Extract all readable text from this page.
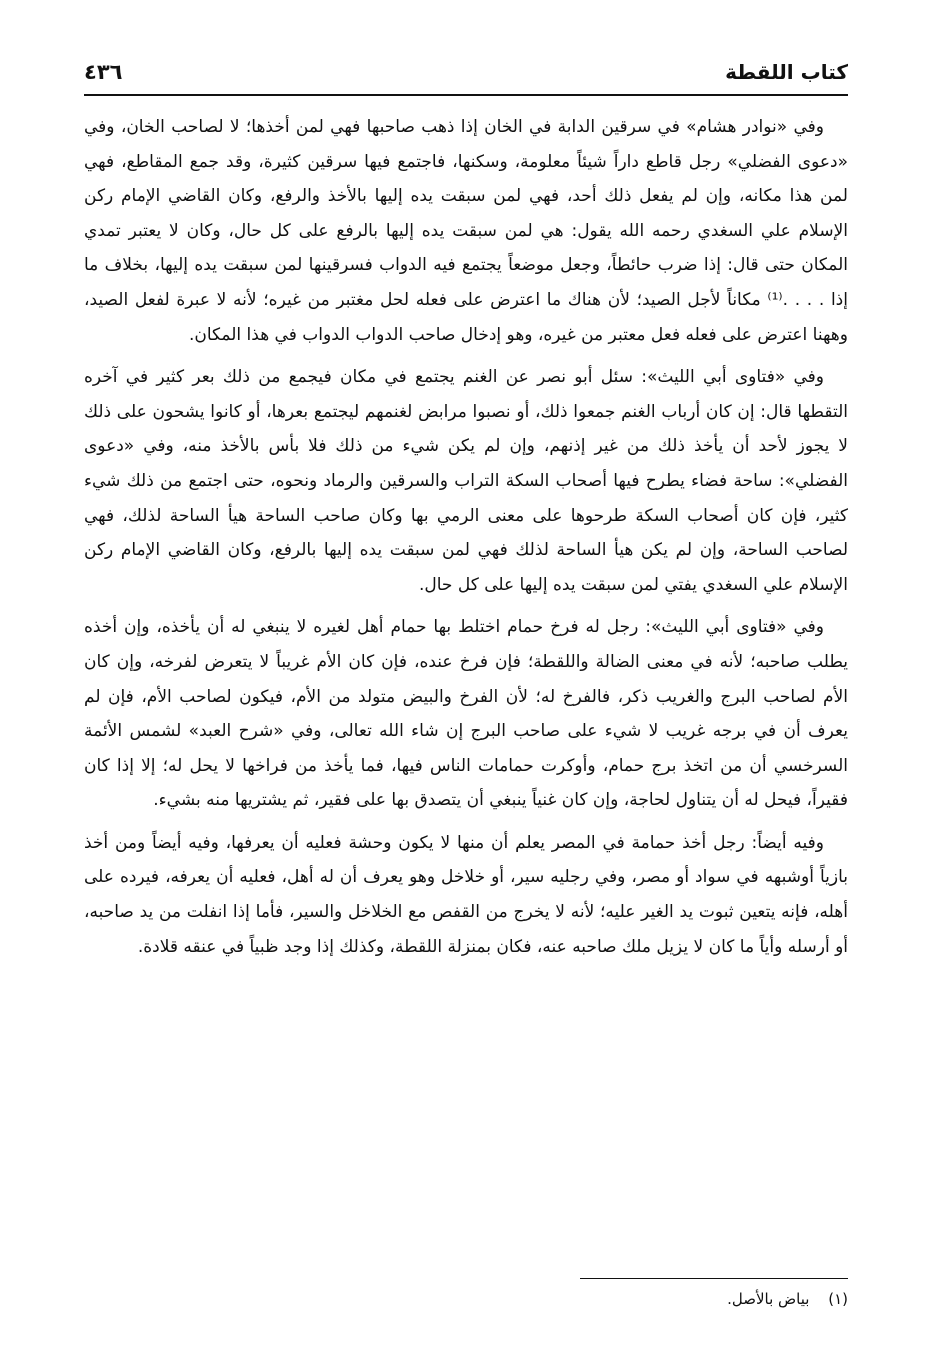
كتاب اللقطة
٤٣٦

وفي «نوادر هشام» في سرقين الدابة في الخان إذا ذهب صاحبها فهي لمن أخذها؛ لا لصاحب الخان، وفي «دعوى الفضلي» رجل قاطع داراً شيئاً معلومة، وسكنها، فاجتمع فيها سرقين كثيرة، وقد جمع المقاطع، فهي لمن هذا مكانه، وإن لم يفعل ذلك أحد، فهي لمن سبقت يده إليها بالأخذ والرفع، وكان القاضي الإمام ركن الإسلام علي السغدي رحمه الله يقول: هي لمن سبقت يده إليها بالرفع على كل حال، وكان لا يعتبر تمدي المكان حتى قال: إذا ضرب حائطاً، وجعل موضعاً يجتمع فيه الدواب فسرقينها لمن سبقت يده إليها، بخلاف ما إذا . . . .⁽¹⁾ مكاناً لأجل الصيد؛ لأن هناك ما اعترض على فعله لحل مغتبر من غيره؛ لأنه لا عبرة لفعل الصيد، وههنا اعترض على فعله فعل معتبر من غيره، وهو إدخال صاحب الدواب الدواب في هذا المكان.

وفي «فتاوى أبي الليث»: سئل أبو نصر عن الغنم يجتمع في مكان فيجمع من ذلك بعر كثير في آخره التقطها قال: إن كان أرباب الغنم جمعوا ذلك، أو نصبوا مرابض لغنمهم ليجتمع بعرها، أو كانوا يشحون على ذلك لا يجوز لأحد أن يأخذ ذلك من غير إذنهم، وإن لم يكن شيء من ذلك فلا بأس بالأخذ منه، وفي «دعوى الفضلي»: ساحة فضاء يطرح فيها أصحاب السكة التراب والسرقين والرماد ونحوه، حتى اجتمع من ذلك شيء كثير، فإن كان أصحاب السكة طرحوها على معنى الرمي بها وكان صاحب الساحة هيأ الساحة لذلك، فهي لصاحب الساحة، وإن لم يكن هيأ الساحة لذلك فهي لمن سبقت يده إليها بالرفع، وكان القاضي الإمام ركن الإسلام علي السغدي يفتي لمن سبقت يده إليها على كل حال.

وفي «فتاوى أبي الليث»: رجل له فرخ حمام اختلط بها حمام أهل لغيره لا ينبغي له أن يأخذه، وإن أخذه يطلب صاحبه؛ لأنه في معنى الضالة واللقطة؛ فإن فرخ عنده، فإن كان الأم غريباً لا يتعرض لفرخه، وإن كان الأم لصاحب البرج والغريب ذكر، فالفرخ له؛ لأن الفرخ والبيض متولد من الأم، فيكون لصاحب الأم، فإن لم يعرف أن في برجه غريب لا شيء على صاحب البرج إن شاء الله تعالى، وفي «شرح العبد» لشمس الأئمة السرخسي أن من اتخذ برج حمام، وأوكرت حمامات الناس فيها، فما يأخذ من فراخها لا يحل له؛ إلا إذا كان فقيراً، فيحل له أن يتناول لحاجة، وإن كان غنياً ينبغي أن يتصدق بها على فقير، ثم يشتريها منه بشيء.

وفيه أيضاً: رجل أخذ حمامة في المصر يعلم أن منها لا يكون وحشة فعليه أن يعرفها، وفيه أيضاً ومن أخذ بازياً أوشبهه في سواد أو مصر، وفي رجليه سير، أو خلاخل وهو يعرف أن له أهل، فعليه أن يعرفه، فيرده على أهله، فإنه يتعين ثبوت يد الغير عليه؛ لأنه لا يخرج من القفص مع الخلاخل والسير، فأما إذا انفلت من يد صاحبه، أو أرسله وأياً ما كان لا يزيل ملك صاحبه عنه، فكان بمنزلة اللقطة، وكذلك إذا وجد ظبياً في عنقه قلادة.

(١) بياض بالأصل.
